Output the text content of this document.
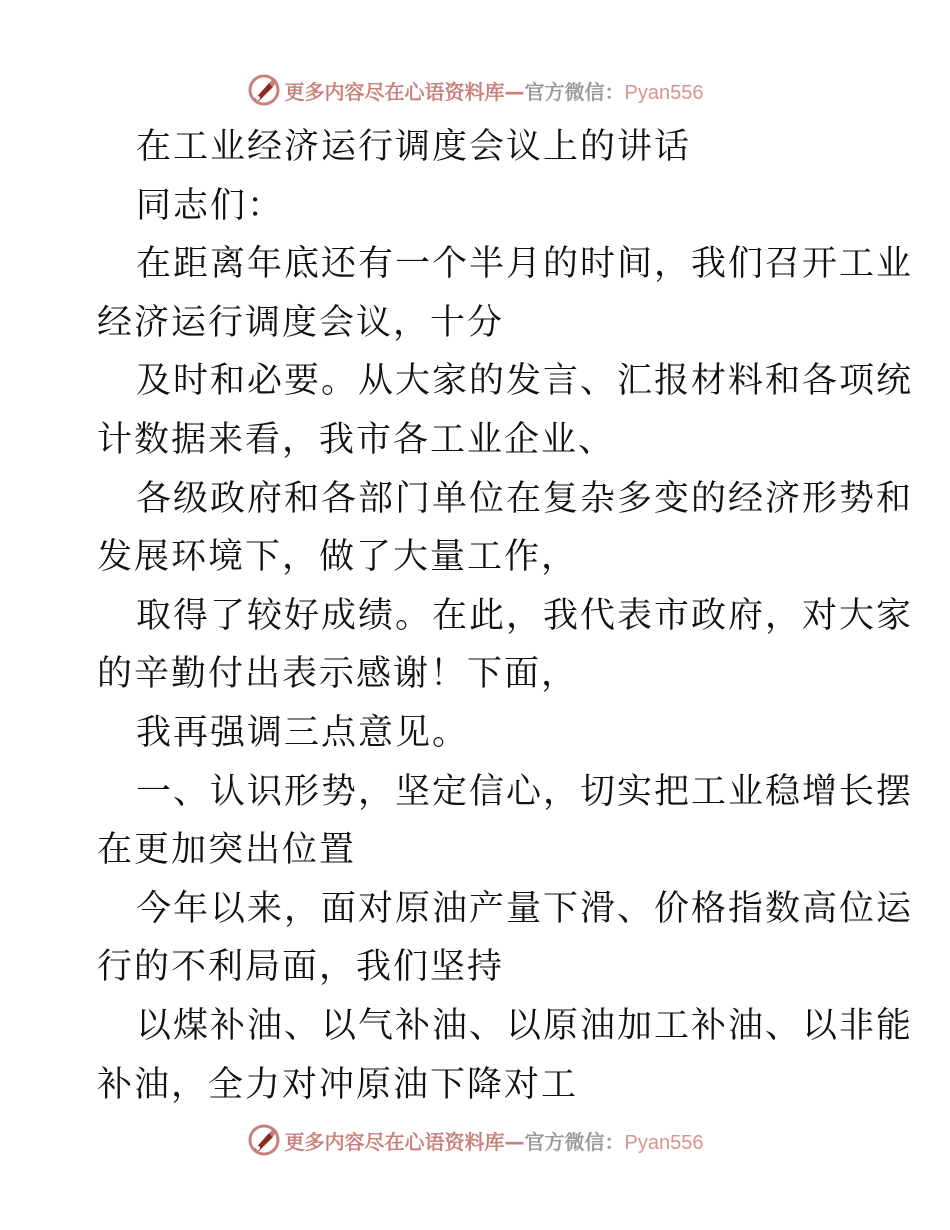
更多内容尽在心语资料库—官方微信：Pyan556
在工业经济运行调度会议上的讲话
同志们：
在距离年底还有一个半月的时间，我们召开工业
经济运行调度会议，十分
及时和必要。从大家的发言、汇报材料和各项统
计数据来看，我市各工业企业、
各级政府和各部门单位在复杂多变的经济形势和
发展环境下，做了大量工作，
取得了较好成绩。在此，我代表市政府，对大家
的辛勤付出表示感谢！下面，
我再强调三点意见。
一、认识形势，坚定信心，切实把工业稳增长摆
在更加突出位置
今年以来，面对原油产量下滑、价格指数高位运
行的不利局面，我们坚持
以煤补油、以气补油、以原油加工补油、以非能
补油，全力对冲原油下降对工
更多内容尽在心语资料库—官方微信：Pyan556
